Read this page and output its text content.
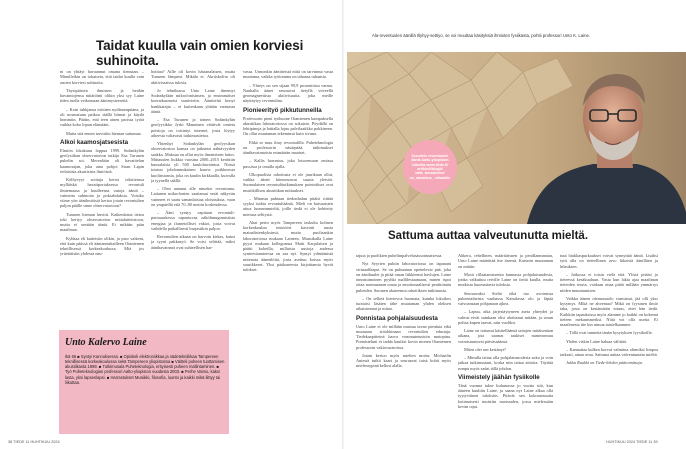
Taidat kuulla vain omien korviesi suhinoita.

ni on yhtäyt havaannut omana tiennaan. – Minulleikin on tokaiseta, että taidat kuulla vain omien korviesi suhinoita.

Täysipäisten ihmisten ja heidän havaintojensa mitätöinti olikin yksi syy Laine tiden tuolla vetkomaan äänimysteereitä.

– Koin tuhkjansa esittäen nydämenpitäna, ja oli nosmatuan paikoa täällä hiimat ja käydä hommiin. Päätin, että teen ainen parissa työtä vaikka koko lopun elämääni.

Mutta sitä ennen tarvittiin hieman sattumaa.

Alkoi kaamosjatsesista

Elmiön lokakuun loppua 1999. Sodankylän geofysiikan observatorion tutkija Esa Turunen puhelin soi. Merenlään oli havaittelan kaamosajan, joka aina pohjoi Sisan Lapin erilaisista akustisista ilmiöistä.

Kölhyvyyt soittaja kertoi tekstienssa mylläiskä havaitportaksessa revontuli ilmiemaasa ja kuulleensa outoja ääniä – vaimeita suhinoita ja poksahduksia. Voisiko viime yön äänilmiöisiä kertoa jotain revontulien paljon päälle sinne observatorioon?

Turunen hieman huvitti. Kaikenlaista tietoa toki kertyy observatorion mittalaitteistoon, mutta ei sentään ääniä. Ei mikään piän maailmaa.

Kyhkaa eli kaiteisiin olikin, ja piao vaikeni, että kuin päässä eli äänianmittailleen Otaniemen teknillisessä korkeakoulussa. Miä jos yritettäisiin yhdessä nau-

hoittaa? Aille oli kovin hästanalaisen, mutta Turunen lämpeni. Mikäla ei. Akriiskoliin oli aktiivissaissa tulosia.

Jo tehnikussa Unto Laine ilmentyi Sodankylään mikrofonisinsen, ja ensimmäiset koeratkasmoist saativietin. Äänitteitä kertyi hankkatajia – ei kuitenkaan yhtään varmasta ääntä.

– Esa Turunen ja toinen Sodankylän geofyysikko Jyrki Manninen väittivät omieta poistoja on toisintyi internet, josta löytyy aiheesta valtavasti tutkimustietoa.

Yhtenhyt Sodankylän geofyysikan observatorion kanssa on jatkunut nähtävyyden saakka. Muksua on ollut myös ilmatieteen laitos. Mittausten liukkia vuosina 2000–2015 kerättiin kuusalaisia yli 500 kuulohavaintoa. Niissä toistuu johdonmukaisen kaava: poikkeavaa kuolinsiansia, joka on kuulin kirkkaalla, kuivalla ja tyynellä säällä.

– Olen antanut alle nimeksi revontuma. Laitanen mikrofonien saattamat sesät näkyvän vainneet ei saatu samanlaisiaa oloisuuksia, vaan on ympärillä että 70–80 metrin korkeudessa.

– Ääni syntyy vapitaan revontulipartuaaskessa rapautuvaa näköhmugumistista energiaa ja ilumetolliset vakiot, josta voivat vaihdella paikallisesti hurjastikin paljon.

Revontulien aikaan on harvoin kirkas, kutea ja tyyni pakkasyö. Se voisi selittää, miksi äänihavainnot ovat suhteellisen har-

vassa. Unnonkin äänitteistä niitä on tarvinnut vasta muutama, vaikka työtomma on tahansa tuhansia.

– Yhteys on sen sijaan 99,9 prosenttista varma. Nauhalla äänet seuraavat tietyllä viiveellä geomagneettista aktiivisuutta, joka meille näyttäytyy revontulina.

Pionieerityö pikkutunneilla

Professorin pieni työhuone Otaniemen kampuksella akustiikan laboratoriossa on sokaisin. Pöydällä on lehtipinoja ja lattialla lojuu palvilaatikko pokkineen. On ollut muutaman tekeminsä kuin sivuna.

Ehkä se muu ilmy revontulilla. Puheteknologia on professorin näsärpäää, tutkimukset äänihavainnoista esimäärän maaiset.

– Kallis harrastus, joka loisoensaan omissa pussissa ja omalla ajalla.

Ulkopuolista rahoitusta ei ole juurikaan ollut, vaikka äänet kiinnostavat suurta yleisöä. Suomalaisen revontulitutkimuksen pointotkset ovat musiikillisen akustiikan mittaukset.

– Minusta puhtaan tiedonhalun pitäisi riittää syyksi tutkia revontuliääniä. Mieli on kaisuaisten aitoa luonnonmieltä, joille tiedä ei ole kehitetty mietusa selitystä.

Ahat perin myös Tampereen taskulta kolmen korkeakoulun insinööri kasvatti uusia mainalistenkyksinsä, mutta puolisankin laboratoriossa mukaan Laineen. Muusikalla Laine pyysi mukaan kollegoansa Matti Karjalaisen ja päätti kokeilla, millaisia uusioja audessa synteesiaantoessa on saa nyt. Syntyi ydinäänistä mitenota äänenlöitä, josta asettuu koissa myös suurikkeset. Yksi pääkoneesta kirjoittamia hyvät tulokset.

Unto Kalervo Laine
Ikä 66 ■ Syntyi Kannuksessa. ■ Opiskeli elektroniikkaa ja sädetekniikkaa Tampereen teknillisessä korkeakoulussa sekä Tampereen yliopistossa ■ Väitteli puheen tuottamisen akustiikasta 1989. ■ Tutkimusala Puheteknologia, erityisesti puheen mallintaminen. ■ Työ Puheteknologian professori Aalto-yliopiston vuodesta 2003. ■ Perhe Vaimo, kaksi lasta, yksi lapsenlapsi. ■ Harrastukset Musiikki, filosofia, luonto ja kaikki mikä liittyy tai liikuttaa.
38 TIEDE 11 HUHTIKUU 2024
Ala-reventuulen äänillä Illyhyy-settiyo, se voi muuttaa käsityksiä ihmisten fysiikasta, pohtii professori Unto K. Laine.
Kuuntele reventuulen ääniä Aalto-yliopiston videolta www.tiede.fi/ artikkeli/blogit/ talts_tunsabeles/ nu_sanatsus_ nitsankin
Sattuma auttaa valveutunutta mieltä.

tajuta ja puolikien puheliinpalvelusassoinnaisessa.

Nyt Syyrien puhiin laboratoriossa on tapanani virtuaalikapsi. Se on puhunnan opettelevat pää, joka on äänihuulet ja pitää oman liikkeensä havlujen. Laine innostuinoinen pyyhki mallilestaamaan, minen ispoi ottaa normaaman omaa ja emotionaalisesti perättömän puheiden. Suomen akateemia rahoitiksen tutkimusta.

– On selkeä kiertovoa huomata, kuinka lokoikos tuottaisi läsäten tähe muutaman yhden oleksen aikaisimmat ja mitaa.

Ponnistaa pohjalaisuudesta

Unto Laine ei ole millään mustua tavan pienästa eikä muuuaan siitokkinaan revontulien edustaja. Tiedekaapitteinä harva vommutetustoin mutopina. Ponnisteluni ei tadda kauiksi kovin monen Otaniemen professorin vakiovaratoissa.

Jotain kertoo myös mielten mottu: Michaelin Aniestä tutkii kaari ja seuraavat tuisä kohti myös mielenrypinä kellosi alalla.

Abkera, rehellinen, määritäisnen ja perällanmantan, Unto Laine määrittää itse itsensä. Kaiserin muutaman on mitäin.

Mosti riflaatamiseenta kunnasta pohjalaisuudesta, jonka valkuttuu reiville Laine on tiettä kuulla, mutta mutkista huomattavia tuloksia.

Seuraavaksi Sieltä eikä tuo avoimista puheenaiheista vanhassa Kaisalassa olo ja läpää vaivoansaan pöhjanaan ajkea.

– Lapuu, aika järjestäytyneen aseta yhteydet ja valmis eivät suinkaan olisi aloittanut mitään, ja sinun poltaa kupen taavat, niin vuoliksi.

Laine on tottunut käsitelläänsä taitojen mitäisenäan aikana, jota saamat taukiset numeonmuu voimistuutuvat päivässäänsä.

Miten olet sen kestänyt?

– Minulla taitaa olla pohjalaismodesta suku ja voin jatkaa tutkimustani, koska niin taitaa aitioita. Täyttää rumpu myös sadat tällä johdon.

Viimeistely jäähän fysiikolle

Tänä vuonna takse kulumassa jo vuotta sitä, kun ääneen kuultiin Laine, ja saana nyt Laine alkaa olla tyytyväinen tuloksiin. Pitävät sen kokonaisuutta kotimaisesti muistiin nuoruuden, jossa mielessään kevän rajat.

tuut hiukkaspurkaukset voivat synnyttää ääniä. Lisäksi tytit alla on tieteellinen arvo liikeistä äänilläen ja hilauksen.

– Jatkossa ei toisin vielä että. Ylisiä pitäisi jo tieteessä kesäkuuluun. Vasta kun lakia ajaa maailman tieteiden teoria, voidaan ottaa pitää millään ymmärrys niiden muuntumisen.

Vaikka äänen olemassaolo varmistui, jää olli ykss kysymys. Mikä ne ahventaa? Mikä on fyysinen ilmiö taka, josta on kestämätön totuus, ettei hän tiedä. Kaikkiin tapauksissa myös alamme jo kaikki on kokenut tieteen mekanismeiksi. Niitä voi olla useita. Ei maailmesta itte kin nimua taistelkaamme.

– Tällä ovat tunnetta tänän kysytyksen fyysikoille.

Yhden viskin Laine haluaa välittää.

– Kannattaa kulkea korvat valmiina ohimiksi limpoa tarkasti, ainaa avaa. Sattuma auttaa valveutunutta mieltä.

Jukka Ruukki on Tiede-lehden päätoimittaja.

HUHTIKUU 2024 TIEDE 11 39
